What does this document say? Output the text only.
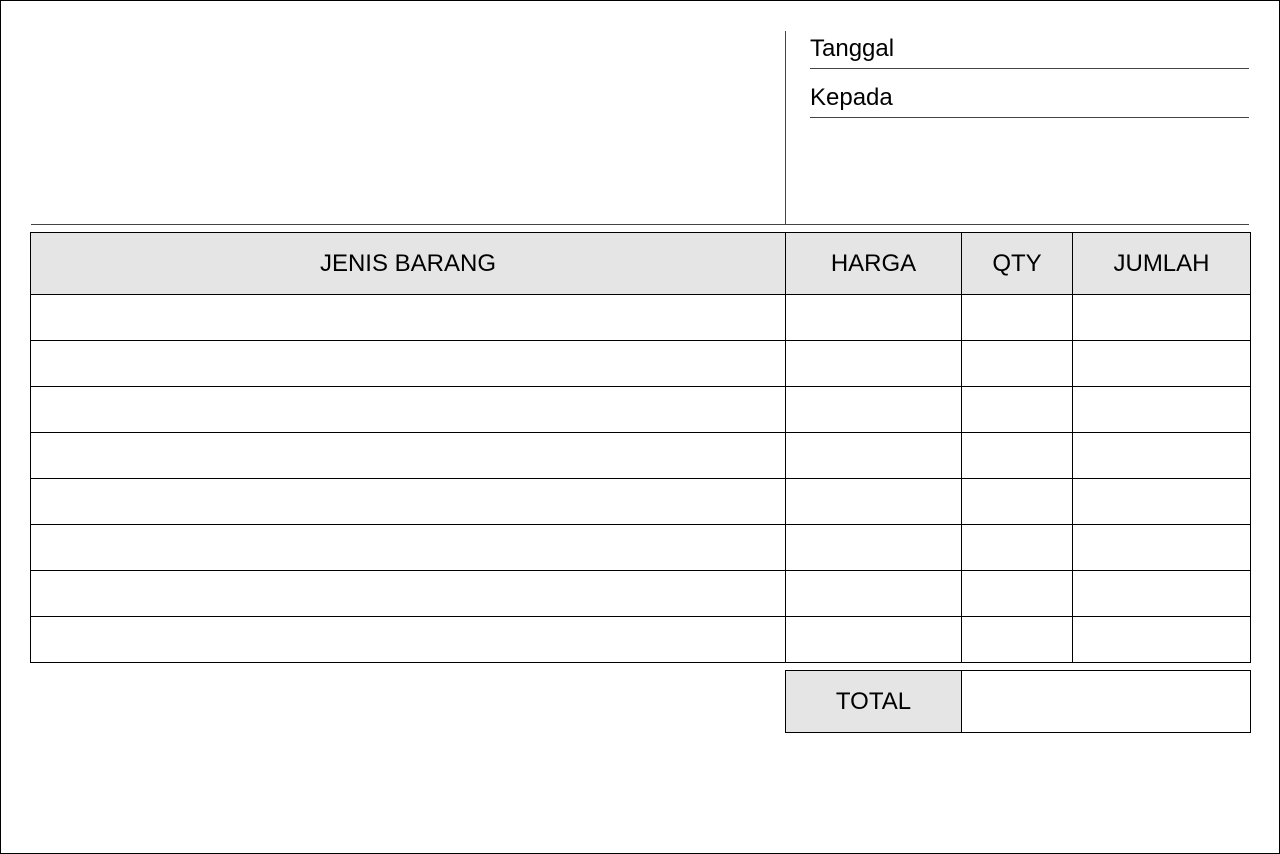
Tanggal
Kepada
JENIS BARANG	HARGA	QTY	JUMLAH

TOTAL	
